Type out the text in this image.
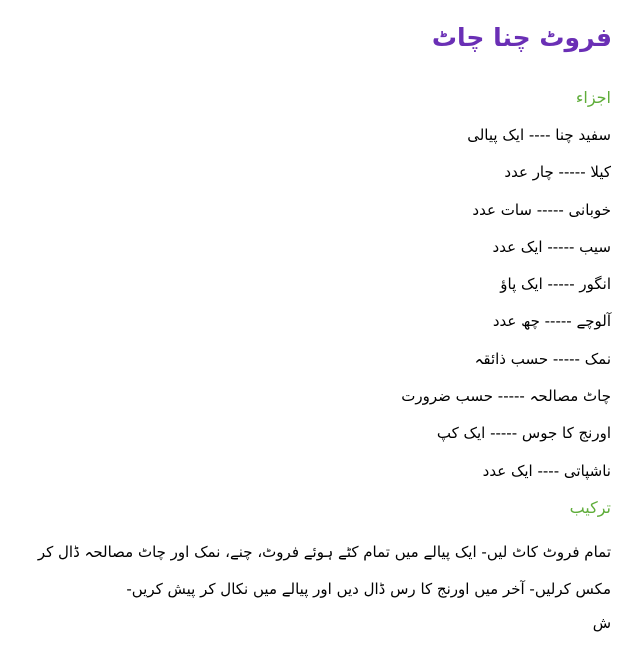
فروٹ چنا چاٹ
اجزاء
سفید چنا ---- ایک پیالی
کیلا ----- چار عدد
خوبانی ----- سات عدد
سیب ----- ایک عدد
انگور ----- ایک پاؤ
آلوچے ----- چھ عدد
نمک ----- حسب ذائقہ
چاٹ مصالحہ ----- حسب ضرورت
اورنج کا جوس ----- ایک کپ
ناشپاتی ---- ایک عدد
ترکیب

تمام فروٹ کاٹ لیں- ایک پیالے میں تمام کٹے ہوئے فروٹ، چنے، نمک اور چاٹ مصالحہ ڈال کر مکس کرلیں- آخر میں اورنج کا رس ڈال دیں اور پیالے میں نکال کر پیش کریں-

ش
